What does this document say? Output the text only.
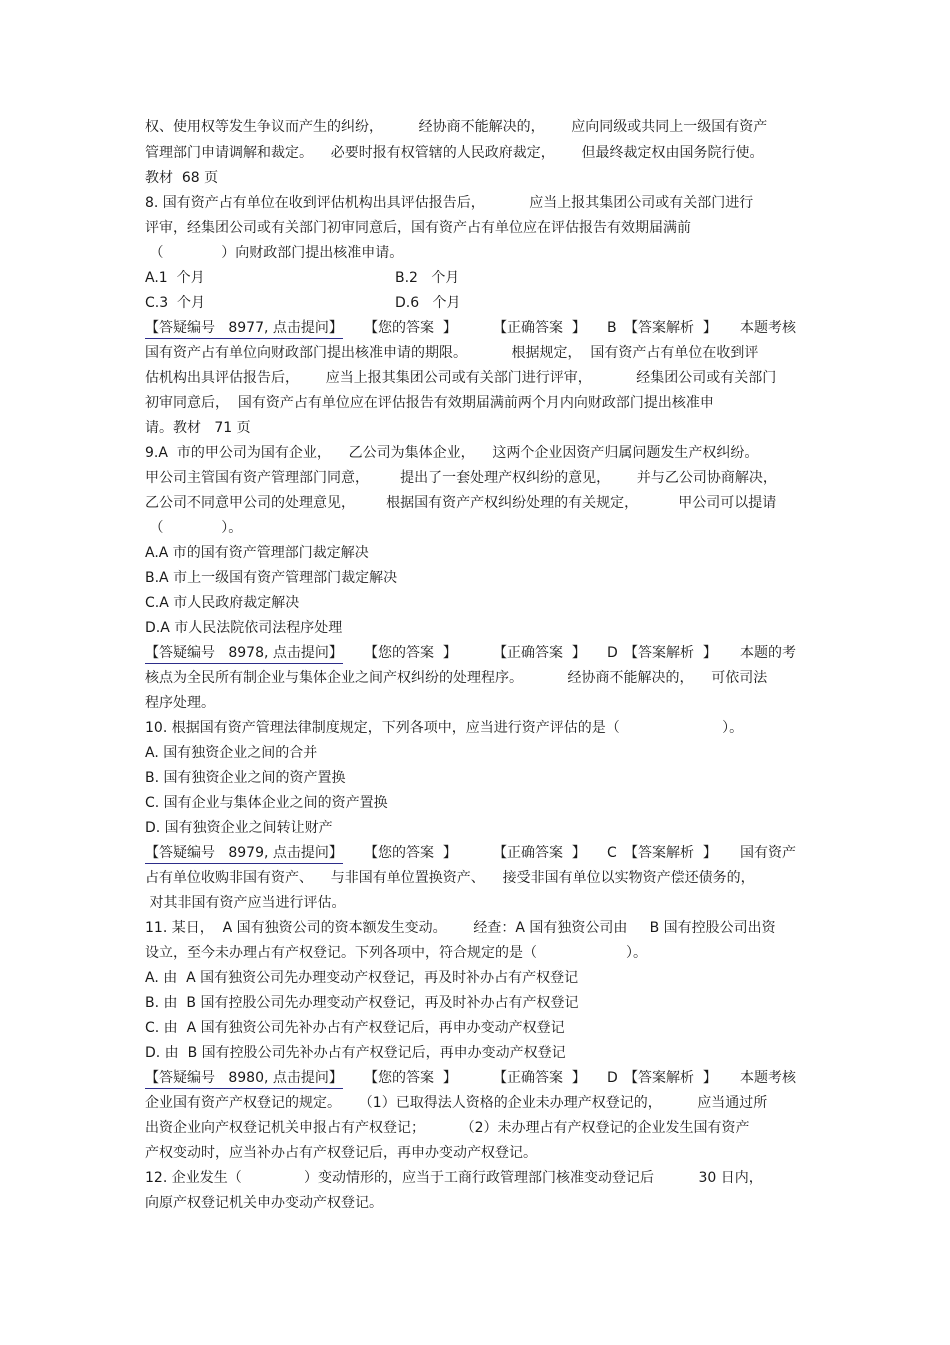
权、使用权等发生争议而产生的纠纷，        经协商不能解决的，      应向同级或共同上一级国有资产
管理部门申请调解和裁定。    必要时报有权管辖的人民政府裁定，      但最终裁定权由国务院行使。
教材  68 页
8. 国有资产占有单位在收到评估机构出具评估报告后，          应当上报其集团公司或有关部门进行
评审，经集团公司或有关部门初审同意后，国有资产占有单位应在评估报告有效期届满前
（             ）向财政部门提出核准申请。
A.1  个月	B.2   个月
C.3  个月	D.6   个月
【答疑编号   8977, 点击提问】 【您的答案  】	【正确答案  】 B 【答案解析  】 本题考核
国有资产占有单位向财政部门提出核准申请的期限。          根据规定，  国有资产占有单位在收到评
估机构出具评估报告后，      应当上报其集团公司或有关部门进行评审，          经集团公司或有关部门
初审同意后，  国有资产占有单位应在评估报告有效期届满前两个月内向财政部门提出核准申
请。教材   71 页
9.A  市的甲公司为国有企业，    乙公司为集体企业，    这两个企业因资产归属问题发生产权纠纷。
甲公司主管国有资产管理部门同意，       提出了一套处理产权纠纷的意见，      并与乙公司协商解决，
乙公司不同意甲公司的处理意见，       根据国有资产产权纠纷处理的有关规定，         甲公司可以提请
（             ）。
A.A 市的国有资产管理部门裁定解决
B.A 市上一级国有资产管理部门裁定解决
C.A 市人民政府裁定解决
D.A 市人民法院依司法程序处理
【答疑编号   8978, 点击提问】 【您的答案  】	【正确答案  】 D 【答案解析  】 本题的考
核点为全民所有制企业与集体企业之间产权纠纷的处理程序。          经协商不能解决的，    可依司法
程序处理。
10. 根据国有资产管理法律制度规定，下列各项中，应当进行资产评估的是（                       ）。
A. 国有独资企业之间的合并
B. 国有独资企业之间的资产置换
C. 国有企业与集体企业之间的资产置换
D. 国有独资企业之间转让财产
【答疑编号   8979, 点击提问】 【您的答案  】	【正确答案  】 C 【答案解析  】 国有资产
占有单位收购非国有资产、    与非国有单位置换资产、    接受非国有单位以实物资产偿还债务的，
对其非国有资产应当进行评估。
11. 某日，  A 国有独资公司的资本额发生变动。      经查：A 国有独资公司由     B 国有控股公司出资
设立，至今未办理占有产权登记。下列各项中，符合规定的是（                    ）。
A. 由  A 国有独资公司先办理变动产权登记，再及时补办占有产权登记
B. 由  B 国有控股公司先办理变动产权登记，再及时补办占有产权登记
C. 由  A 国有独资公司先补办占有产权登记后，再申办变动产权登记
D. 由  B 国有控股公司先补办占有产权登记后，再申办变动产权登记
【答疑编号   8980, 点击提问】 【您的答案  】	【正确答案  】 D 【答案解析  】 本题考核
企业国有资产产权登记的规定。    （1）已取得法人资格的企业未办理产权登记的，        应当通过所
出资企业向产权登记机关申报占有产权登记；        （2）未办理占有产权登记的企业发生国有资产
产权变动时，应当补办占有产权登记后，再申办变动产权登记。
12. 企业发生（              ）变动情形的，应当于工商行政管理部门核准变动登记后          30 日内，
向原产权登记机关申办变动产权登记。
